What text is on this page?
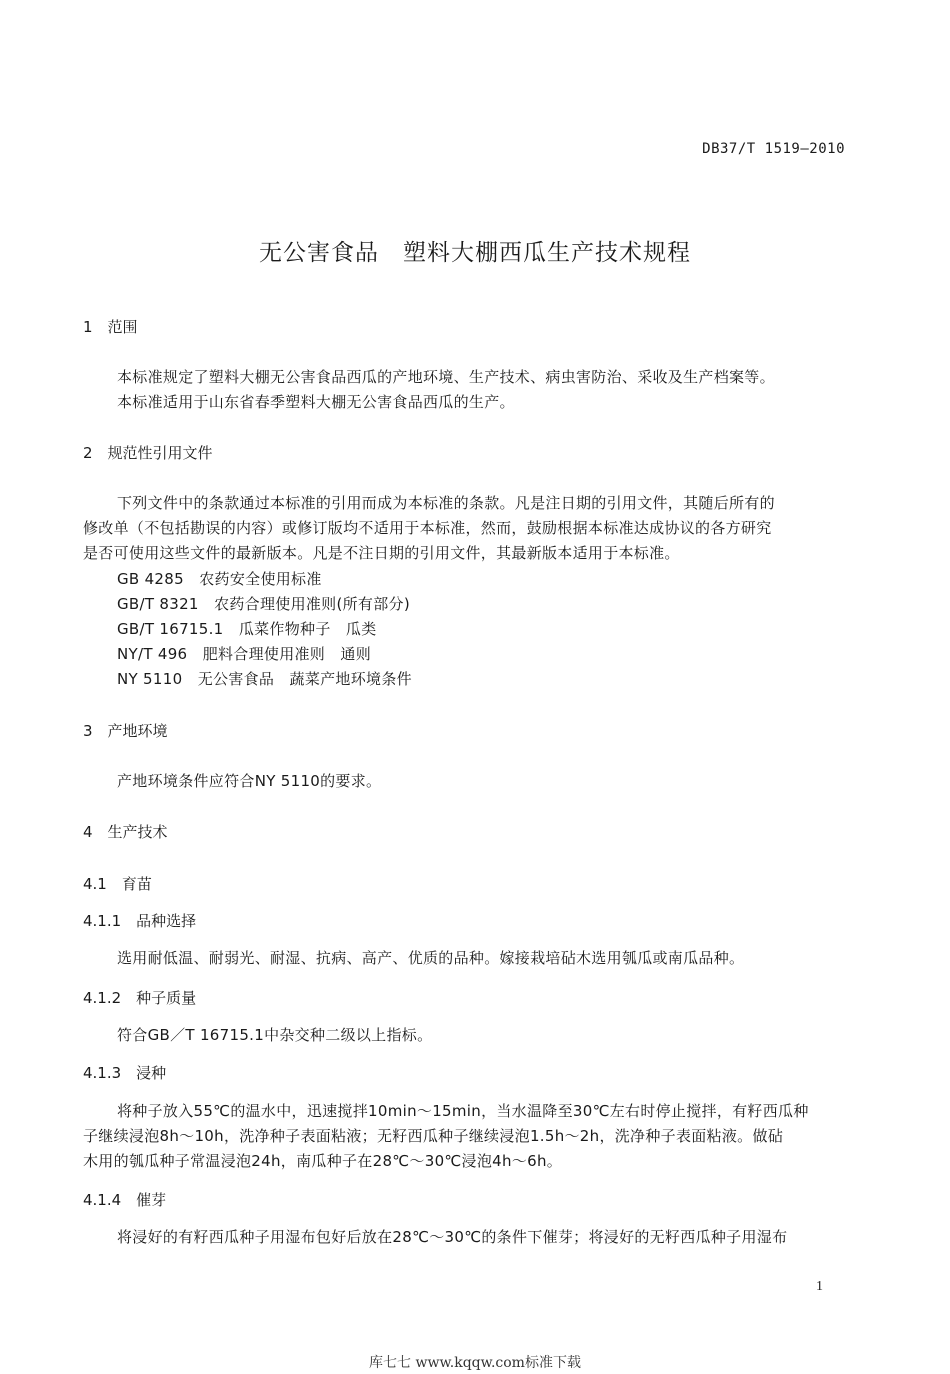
DB37/T 1519—2010
无公害食品　塑料大棚西瓜生产技术规程
1　范围
本标准规定了塑料大棚无公害食品西瓜的产地环境、生产技术、病虫害防治、采收及生产档案等。
本标准适用于山东省春季塑料大棚无公害食品西瓜的生产。
2　规范性引用文件
下列文件中的条款通过本标准的引用而成为本标准的条款。凡是注日期的引用文件，其随后所有的
修改单（不包括勘误的内容）或修订版均不适用于本标准，然而，鼓励根据本标准达成协议的各方研究
是否可使用这些文件的最新版本。凡是不注日期的引用文件，其最新版本适用于本标准。
GB 4285　农药安全使用标准
GB/T 8321　农药合理使用准则(所有部分)
GB/T 16715.1　瓜菜作物种子　瓜类
NY/T 496　肥料合理使用准则　通则
NY 5110　无公害食品　蔬菜产地环境条件
3　产地环境
产地环境条件应符合NY 5110的要求。
4　生产技术
4.1　育苗
4.1.1　品种选择
选用耐低温、耐弱光、耐湿、抗病、高产、优质的品种。嫁接栽培砧木选用瓠瓜或南瓜品种。
4.1.2　种子质量
符合GB／T 16715.1中杂交种二级以上指标。
4.1.3　浸种
将种子放入55℃的温水中，迅速搅拌10min～15min，当水温降至30℃左右时停止搅拌，有籽西瓜种
子继续浸泡8h～10h，洗净种子表面粘液；无籽西瓜种子继续浸泡1.5h～2h，洗净种子表面粘液。做砧
木用的瓠瓜种子常温浸泡24h，南瓜种子在28℃～30℃浸泡4h～6h。
4.1.4　催芽
将浸好的有籽西瓜种子用湿布包好后放在28℃～30℃的条件下催芽；将浸好的无籽西瓜种子用湿布
1
库七七 www.kqqw.com标准下载
